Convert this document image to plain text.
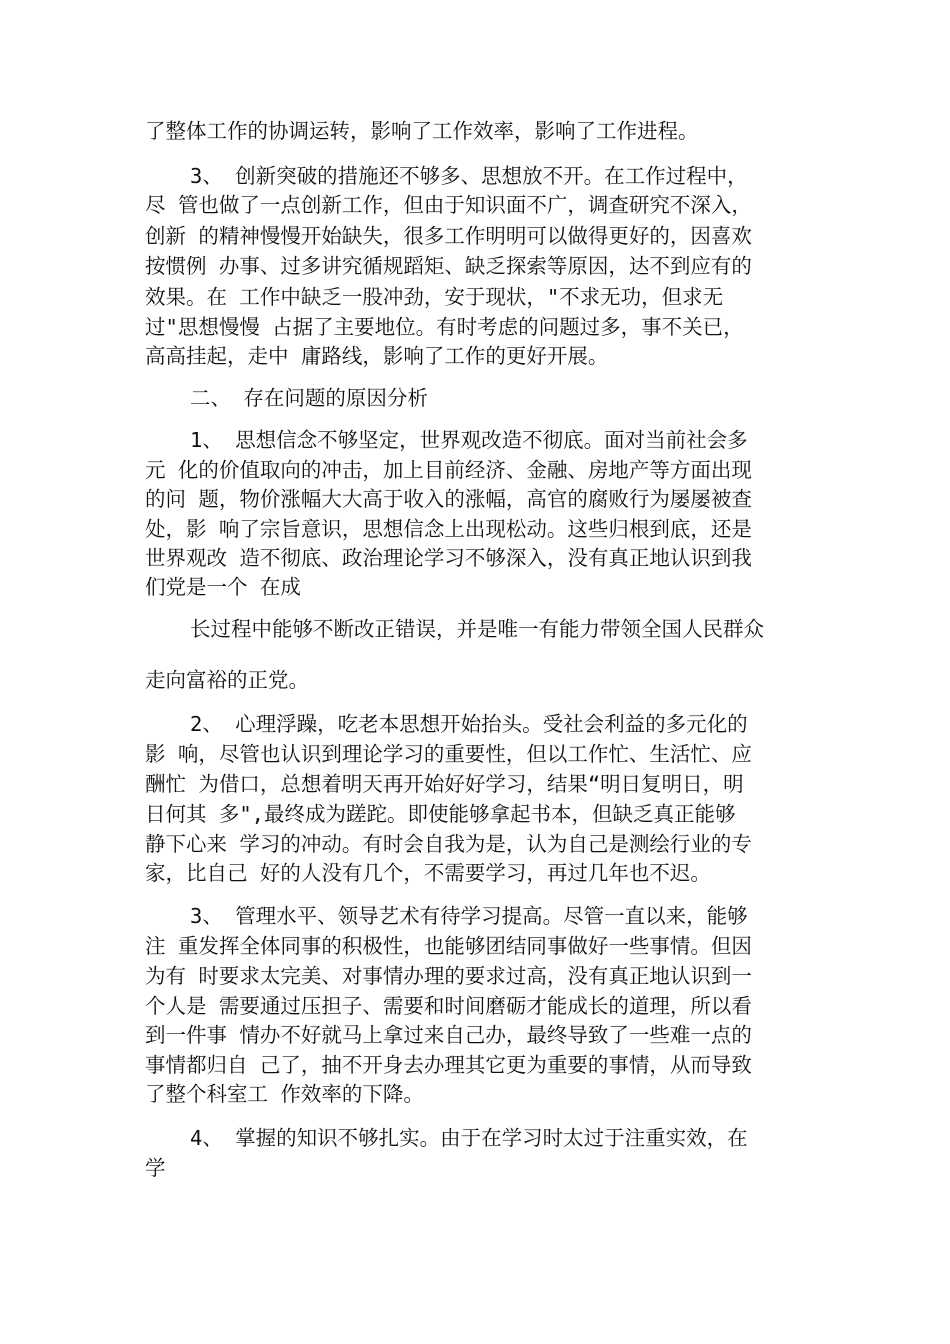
了整体工作的协调运转，影响了工作效率，影响了工作进程。
3、 创新突破的措施还不够多、思想放不开。在工作过程中，
尽 管也做了一点创新工作，但由于知识面不广，调查研究不深入，
创新 的精神慢慢开始缺失，很多工作明明可以做得更好的，因喜欢
按惯例 办事、过多讲究循规蹈矩、缺乏探索等原因，达不到应有的
效果。在 工作中缺乏一股冲劲，安于现状，"不求无功，但求无
过"思想慢慢 占据了主要地位。有时考虑的问题过多，事不关已，
高高挂起，走中 庸路线，影响了工作的更好开展。
二、 存在问题的原因分析
1、 思想信念不够坚定，世界观改造不彻底。面对当前社会多
元 化的价值取向的冲击，加上目前经济、金融、房地产等方面出现
的问 题，物价涨幅大大高于收入的涨幅，高官的腐败行为屡屡被查
处，影 响了宗旨意识，思想信念上出现松动。这些归根到底，还是
世界观改 造不彻底、政治理论学习不够深入，没有真正地认识到我
们党是一个 在成
长过程中能够不断改正错误，并是唯一有能力带领全国人民群众
走向富裕的正党。
2、 心理浮躁，吃老本思想开始抬头。受社会利益的多元化的
影 响，尽管也认识到理论学习的重要性，但以工作忙、生活忙、应
酬忙 为借口，总想着明天再开始好好学习，结果“明日复明日，明
日何其 多",最终成为蹉跎。即使能够拿起书本，但缺乏真正能够
静下心来 学习的冲动。有时会自我为是，认为自己是测绘行业的专
家，比自己 好的人没有几个，不需要学习，再过几年也不迟。
3、 管理水平、领导艺术有待学习提高。尽管一直以来，能够
注 重发挥全体同事的积极性，也能够团结同事做好一些事情。但因
为有 时要求太完美、对事情办理的要求过高，没有真正地认识到一
个人是 需要通过压担子、需要和时间磨砺才能成长的道理，所以看
到一件事 情办不好就马上拿过来自己办，最终导致了一些难一点的
事情都归自 己了，抽不开身去办理其它更为重要的事情，从而导致
了整个科室工 作效率的下降。
4、 掌握的知识不够扎实。由于在学习时太过于注重实效，在
学
